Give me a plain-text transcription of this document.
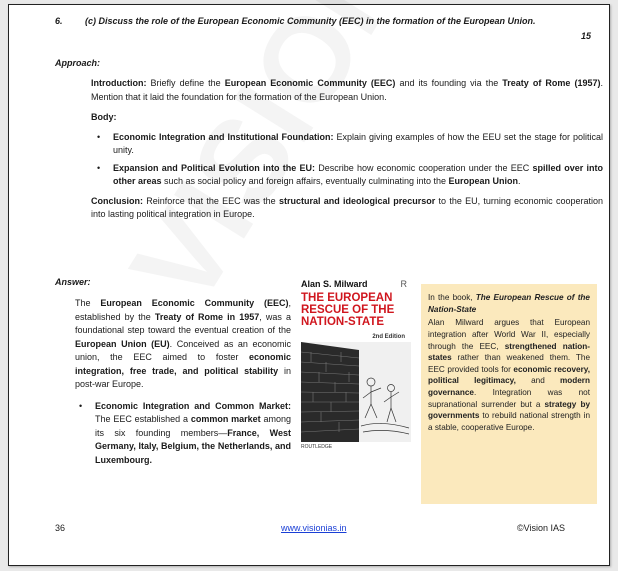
6. (c) Discuss the role of the European Economic Community (EEC) in the formation of the European Union.
15
Approach:

Introduction: Briefly define the European Economic Community (EEC) and its founding via the Treaty of Rome (1957). Mention that it laid the foundation for the formation of the European Union.

Body:
• Economic Integration and Institutional Foundation: Explain giving examples of how the EEU set the stage for political unity.
• Expansion and Political Evolution into the EU: Describe how economic cooperation under the EEC spilled over into other areas such as social policy and foreign affairs, eventually culminating into the European Union.

Conclusion: Reinforce that the EEC was the structural and ideological precursor to the EU, turning economic cooperation into lasting political integration in Europe.

Answer:

The European Economic Community (EEC), established by the Treaty of Rome in 1957, was a foundational step toward the eventual creation of the European Union (EU). Conceived as an economic union, the EEC aimed to foster economic integration, free trade, and political stability in post-war Europe.

• Economic Integration and Common Market: The EEC established a common market among its six founding members—France, West Germany, Italy, Belgium, the Netherlands, and Luxembourg.
Alan S. Milward	R
THE EUROPEAN RESCUE OF THE NATION-STATE
2nd Edition
ROUTLEDGE
In the book, The European Rescue of the Nation-State
Alan Milward argues that European integration after World War II, especially through the EEC, strengthened nation-states rather than weakened them. The EEC provided tools for economic recovery, political legitimacy, and modern governance. Integration was not supranational surrender but a strategy by governments to rebuild national strength in a stable, cooperative Europe.
36	www.visionias.in	©Vision IAS
